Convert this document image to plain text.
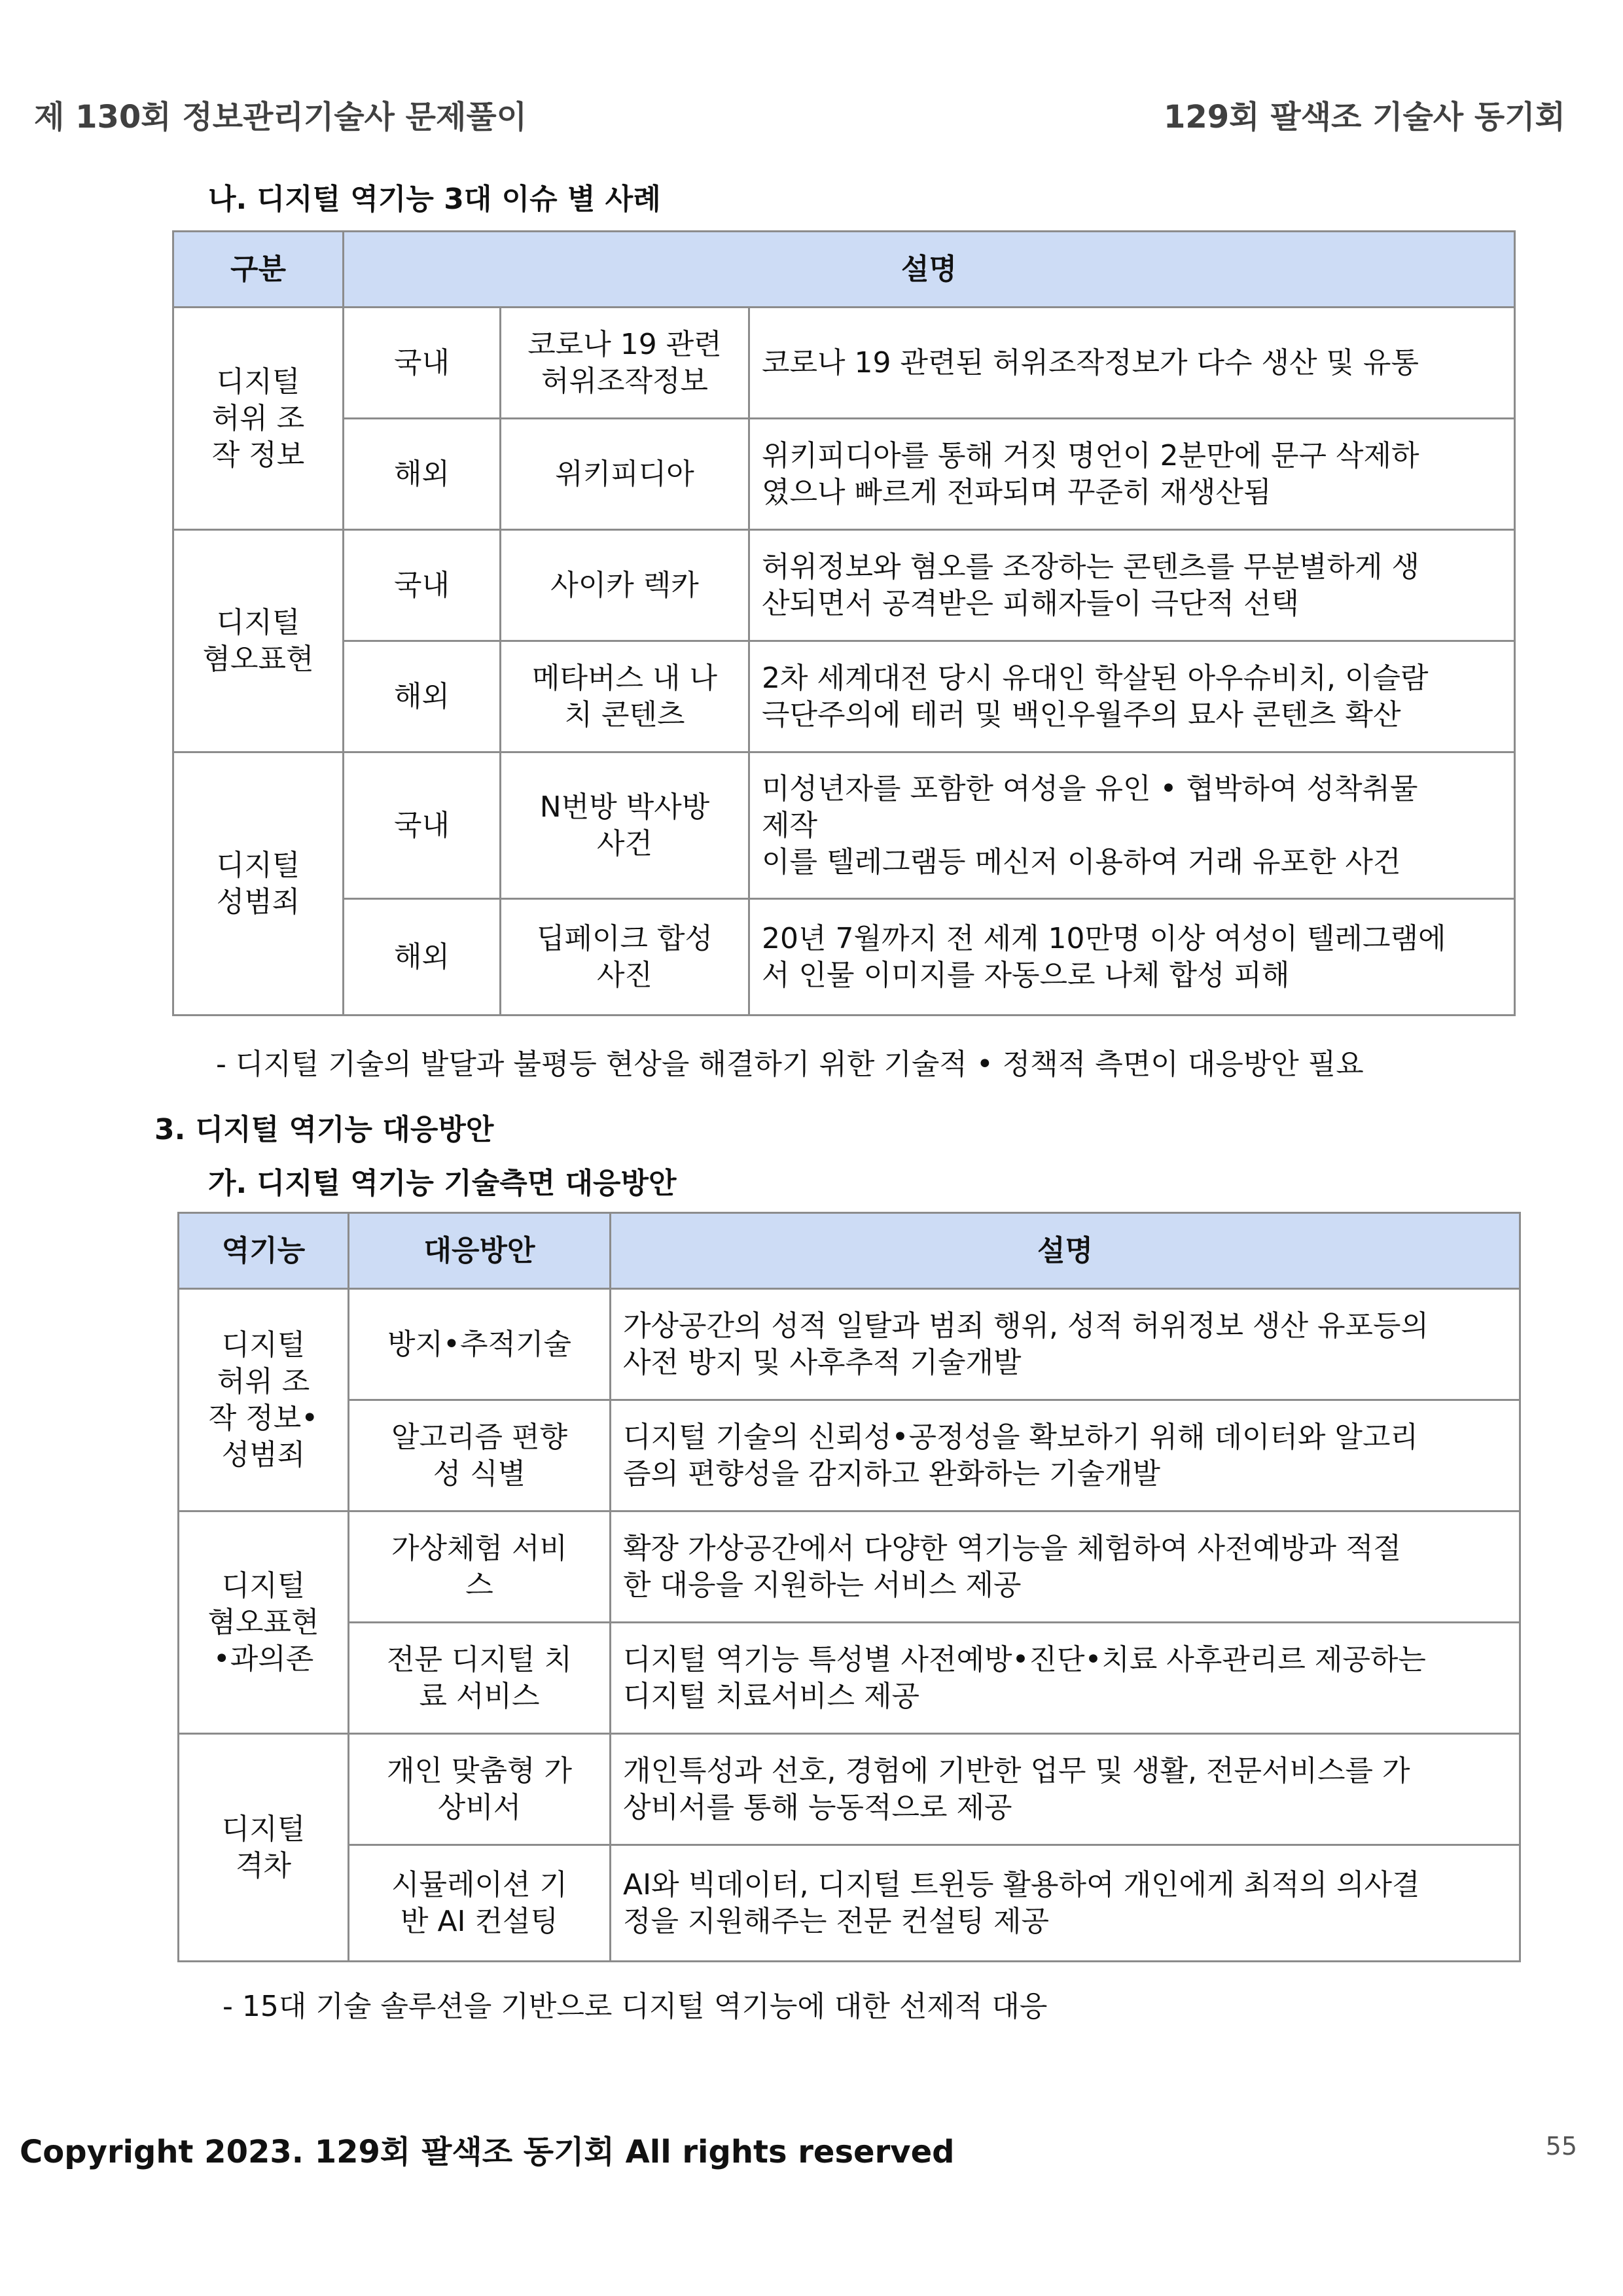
제 130회 정보관리기술사 문제풀이	129회 팔색조 기술사 동기회
나. 디지털 역기능 3대 이슈 별 사례
구분	설명		
디지털
허위 조
작 정보	국내	코로나 19 관련
허위조작정보	코로나 19 관련된 허위조작정보가 다수 생산 및 유통
	해외	위키피디아	위키피디아를 통해 거짓 명언이 2분만에 문구 삭제하
였으나 빠르게 전파되며 꾸준히 재생산됨
디지털
혐오표현	국내	사이카 렉카	허위정보와 혐오를 조장하는 콘텐츠를 무분별하게 생
산되면서 공격받은 피해자들이 극단적 선택
	해외	메타버스 내 나
치 콘텐츠	2차 세계대전 당시 유대인 학살된 아우슈비치, 이슬람
극단주의에 테러 및 백인우월주의 묘사 콘텐츠 확산
디지털
성범죄	국내	N번방 박사방
사건	미성년자를 포함한 여성을 유인 • 협박하여 성착취물
제작
이를 텔레그램등 메신저 이용하여 거래 유포한 사건
	해외	딥페이크 합성
사진	20년 7월까지 전 세계 10만명 이상 여성이 텔레그램에
서 인물 이미지를 자동으로 나체 합성 피해
- 디지털 기술의 발달과 불평등 현상을 해결하기 위한 기술적 • 정책적 측면이 대응방안 필요
3. 디지털 역기능 대응방안
가. 디지털 역기능 기술측면 대응방안
역기능	대응방안	설명
디지털
허위 조
작 정보•
성범죄	방지•추적기술	가상공간의 성적 일탈과 범죄 행위, 성적 허위정보 생산 유포등의
사전 방지 및 사후추적 기술개발
	알고리즘 편향
성 식별	디지털 기술의 신뢰성•공정성을 확보하기 위해 데이터와 알고리
즘의 편향성을 감지하고 완화하는 기술개발
디지털
혐오표현
•과의존	가상체험 서비
스	확장 가상공간에서 다양한 역기능을 체험하여 사전예방과 적절
한 대응을 지원하는 서비스 제공
	전문 디지털 치
료 서비스	디지털 역기능 특성별 사전예방•진단•치료 사후관리르 제공하는
디지털 치료서비스 제공
디지털
격차	개인 맞춤형 가
상비서	개인특성과 선호, 경험에 기반한 업무 및 생활, 전문서비스를 가
상비서를 통해 능동적으로 제공
	시뮬레이션 기
반 AI 컨설팅	AI와 빅데이터, 디지털 트윈등 활용하여 개인에게 최적의 의사결
정을 지원해주는 전문 컨설팅 제공
- 15대 기술 솔루션을 기반으로 디지털 역기능에 대한 선제적 대응
Copyright 2023. 129회 팔색조 동기회 All rights reserved	55
